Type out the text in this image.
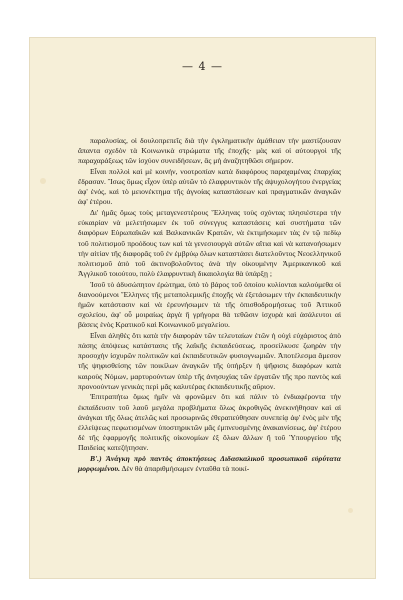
— 4 —

παραλυσίας, οἱ δουλοπρεπεῖς διὰ τὴν ἐγκληματικὴν ἀμάθειαν τὴν μαστίζουσαν ἅπαντα σχεδὸν τὰ Κοινωνικὰ στρώματα τῆς ἐποχῆς· μὰς καὶ οἱ αὐτουργοὶ τῆς παραχαράξεως τῶν ἰσχύον συνειδήσεων, ἂς μὴ ἀναζητηθῶσι σήμερον.

Εἶναι πολλοὶ καὶ μὲ κοινήν, νοοτροπίαν κατὰ διαφόρους παραχαμένας ἐπαρχίας ἔδρασαν. Ἴσως ὅμως εἶχον ὑπὲρ αὐτῶν τὸ ἐλαφρυντικὸν τῆς ἀψυχολογήτου ἐνεργείας ἀφ' ἑνός, καὶ τὸ μειονέκτημα τῆς ἀγνοίας καταστάσεων καὶ πραγματικῶν ἀναγκῶν ἀφ' ἑτέρου.

Δι' ἡμᾶς ὅμως τοὺς μεταγενεστέρους Ἕλληνας τοὺς σχόντας πλησιέστερα τὴν εὐκαιρίαν νὰ μελετήσωμεν ἐκ τοῦ σύνεγγυς καταστάσεις καὶ συστήματα τῶν διαφόρων Εὐρωπαϊκῶν καὶ Βαλκανικῶν Κρατῶν, νὰ ἐκτιμήσωμεν τὰς ἐν τῷ πεδίῳ τοῦ πολιτισμοῦ προόδους των καὶ τὰ γενεσιουργὰ αὐτῶν αἴτια καὶ νὰ κατανοήσωμεν τὴν αἰτίαν τῆς διαφορᾶς τοῦ ἐν ἐμβρύῳ ὄλων καταστάσει διατελοῦντος Νεοελληνικοῦ πολιτισμοῦ ἀπὸ τοῦ ἀκτινοβολοῦντος ἀνὰ τὴν οἰκουμένην Ἀμερικανικοῦ καὶ Ἀγγλικοῦ τοιούτου, πολὺ ἐλαφρυντικὴ δικαιολογία θὰ ὑπάρξῃ ;

Ἰσοῦ τὸ ἀδυσώπητον ἐρώτημα, ὑπὸ τὸ βάρος τοῦ ὁποίου κυλίονται καλούμεθα οἱ διανοούμενοι Ἕλληνες τῆς μεταπολεμικῆς ἐποχῆς νὰ ἐξετάσωμεν τὴν ἐκπαιδευτικὴν ἡμῶν κατάστασιν καὶ νὰ ἐρευνήσωμεν τὰ τῆς ὀπισθοδρομήσεως τοῦ Ἀττικοῦ σχολείου, ἀφ' οὗ μοιραίως ἀργὰ ἢ γρήγορα θὰ τεθῶσιν ἰσχυρὰ καὶ ἀσάλευτοι αἱ βάσεις ἑνὸς Κρατικοῦ καὶ Κοινωνικοῦ μεγαλείου.

Εἶναι ἀληθὲς ὅτι κατὰ τὴν διαφορὰν τῶν τελευταίων ἐτῶν ἡ οὐχὶ εὐχάριστος ἀπὸ πάσης ἀπόψεως κατάστασις τῆς λαϊκῆς ἐκπαιδεύσεως, προσείλκυσε ζωηρὰν τὴν προσοχὴν ἰσχυρῶν πολιτικῶν καὶ ἐκπαιδευτικῶν φυσιογνωμιῶν. Ἀποτέλεσμα ἄμεσον τῆς ψηφισθείσης τῶν ποικίλων ἀναγκῶν τῆς ὑπήρξεν ἡ ψῆφισις διαφόρων κατὰ καιροὺς Νόμων, μαρτυρούντων ὑπὲρ τῆς ἀνησυχίας τῶν ἐργατῶν τῆς προ παντὸς καὶ προνοούντων γενικὰς περὶ μᾶς καλυτέρας ἐκπαιδευτικῆς αὔριον.

Ἐπιτραπήτω ὅμως ἡμῖν νὰ φρονῶμεν ὅτι καὶ πάλιν τὸ ἐνδιαφέροντα τὴν ἐκπαίδευσιν τοῦ λαοῦ μεγάλα προβλήματα ὅλως ἀκροθιγῶς ἀνεκινήθησαν καὶ αἱ ἀνάγκαι τῆς ὅλως ἀτελῶς καὶ προσωρινῶς ἐθεραπεύθησαν συνεπείᾳ ἀφ' ἑνὸς μὲν τῆς ἐλλείψεως πεφωτισμένων ὑποστηρικτῶν μᾶς ἐμπνευσμένης ἀνακαινίσεως, ἀφ' ἑτέρου δὲ τῆς ἐφαρμογῆς πολιτικῆς οἰκονομίων ἐξ ὅλων ἄλλων ἢ τοῦ Ὑπουργείου τῆς Παιδείας κατεζήτησαν.

Β'.) Ἀνάγκη πρὸ παντὸς ἀποκτήσεως Διδασκαλικοῦ προσωπικοῦ εὐρύτατα μορφωμένου. Δὲν θὰ ἀπαριθμήσωμεν ἐνταῦθα τὰ ποικί-
